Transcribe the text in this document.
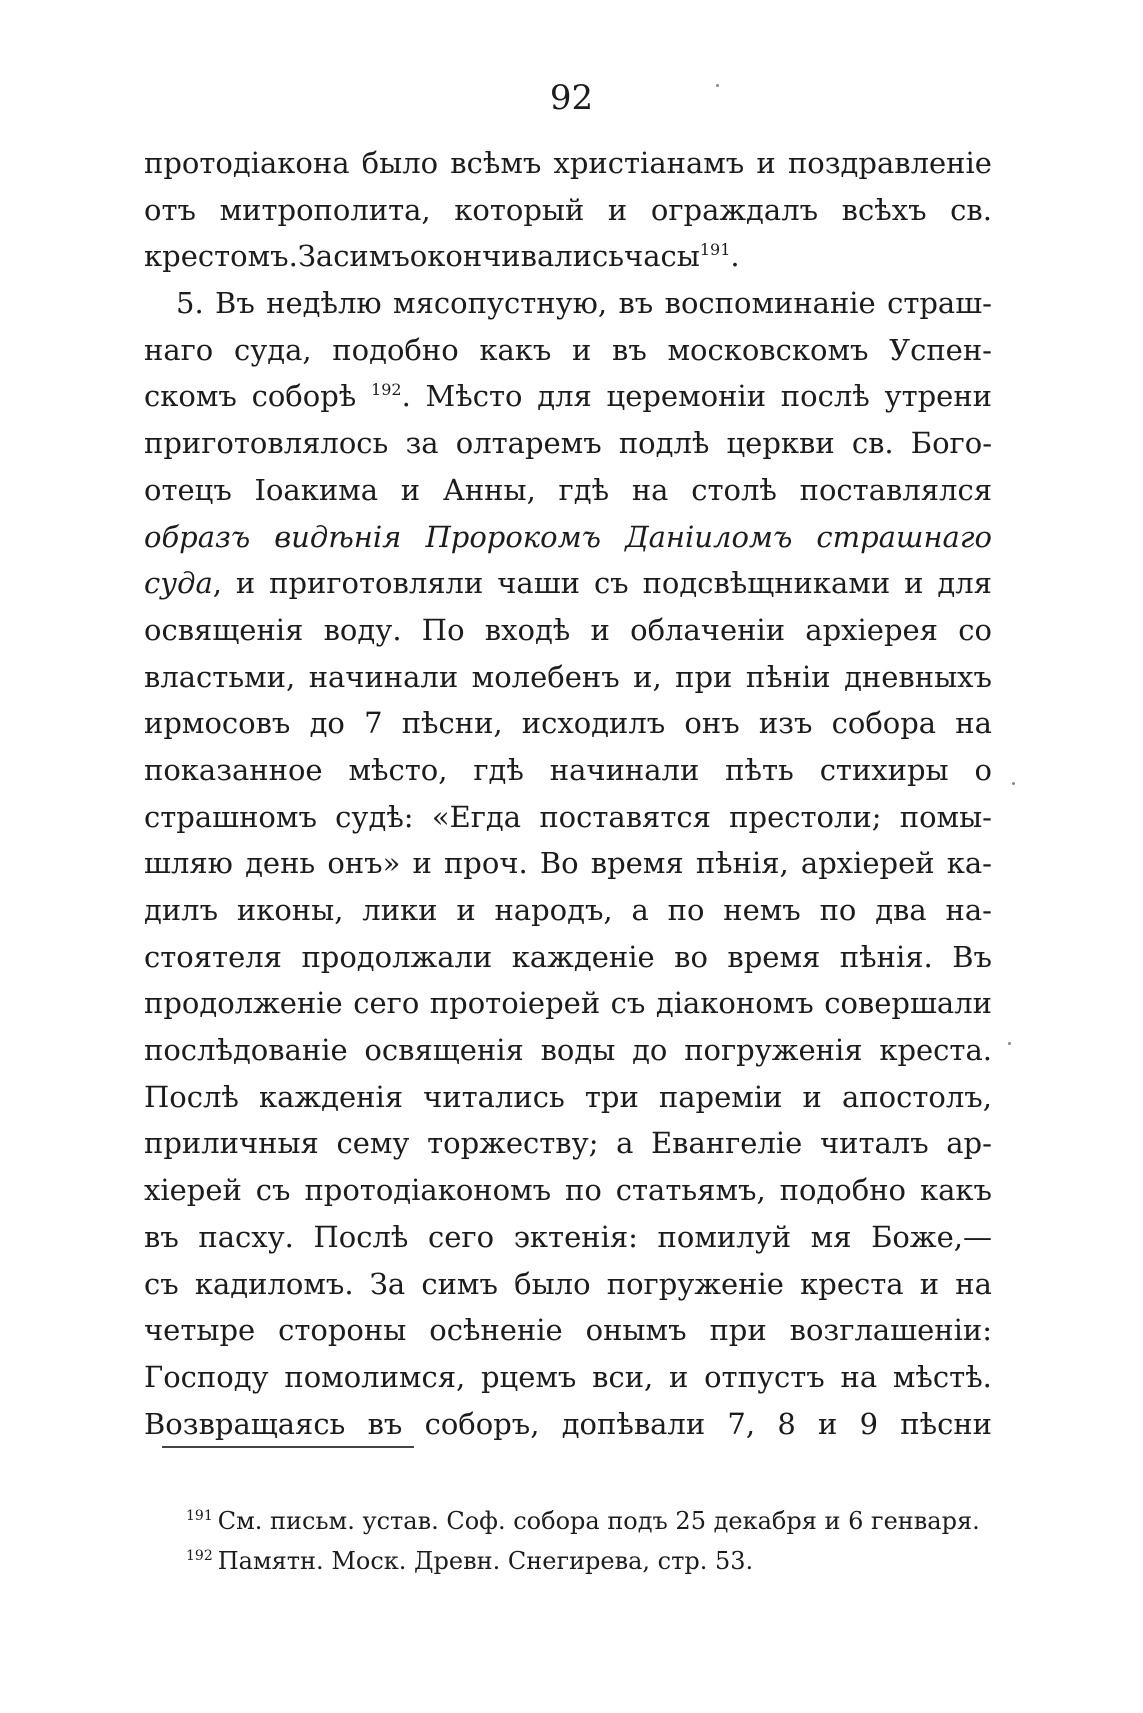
92
протодіакона было всѣмъ христіанамъ и поздравленіе
отъ митрополита, который и ограждалъ всѣхъ св.
крестомъ. За симъ окончивались часы $^{191}$.
5. Въ недѣлю мясопустную, въ воспоминаніе страш-
наго суда, подобно какъ и въ московскомъ Успен-
скомъ соборѣ $^{192}$. Мѣсто для церемоніи послѣ утрени
приготовлялось за олтаремъ подлѣ церкви св. Бого-
отецъ Іоакима и Анны, гдѣ на столѣ поставлялся
образъ видѣнія Пророкомъ Даніиломъ страшнаго
суда, и приготовляли чаши съ подсвѣщниками и для
освященія воду. По входѣ и облаченіи архіерея со
властьми, начинали молебенъ и, при пѣніи дневныхъ
ирмосовъ до 7 пѣсни, исходилъ онъ изъ собора на
показанное мѣсто, гдѣ начинали пѣть стихиры о
страшномъ судѣ: «Егда поставятся престоли; помы-
шляю день онъ» и проч. Во время пѣнія, архіерей ка-
дилъ иконы, лики и народъ, а по немъ по два на-
стоятеля продолжали кажденіе во время пѣнія. Въ
продолженіе сего протоіерей съ діакономъ совершали
послѣдованіе освященія воды до погруженія креста.
Послѣ кажденія читались три пареміи и апостолъ,
приличныя сему торжеству; а Евангеліе читалъ ар-
хіерей съ протодіакономъ по статьямъ, подобно какъ
въ пасху. Послѣ сего эктенія: помилуй мя Боже,—
съ кадиломъ. За симъ было погруженіе креста и на
четыре стороны осѣненіе онымъ при возглашеніи:
Господу помолимся, рцемъ вси, и отпустъ на мѣстѣ.
Возвращаясь въ соборъ, допѣвали 7, 8 и 9 пѣсни
$^{191}$ См. письм. устав. Соф. собора подъ 25 декабря и 6 генваря.
$^{192}$ Памятн. Моск. Древн. Снегирева, стр. 53.
